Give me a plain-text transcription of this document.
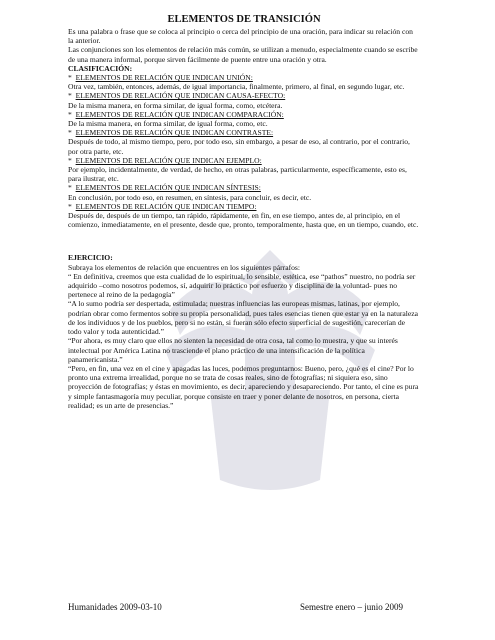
ELEMENTOS DE TRANSICIÓN

Es una palabra o frase que se coloca al principio o cerca del principio de una oración, para indicar su relación con la anterior.

Las conjunciones son los elementos de relación más común, se utilizan a menudo, especialmente cuando se escribe de una manera informal, porque sirven fácilmente de puente entre una oración y otra.

CLASIFICACIÓN:

* ELEMENTOS DE RELACIÓN QUE INDICAN UNIÓN:

Otra vez, también, entonces, además, de igual importancia, finalmente, primero, al final, en segundo lugar, etc.

* ELEMENTOS DE RELACIÓN QUE INDICAN CAUSA-EFECTO:

De la misma manera, en forma similar, de igual forma, como, etcétera.

* ELEMENTOS DE RELACIÓN QUE INDICAN COMPARACIÓN:

De la misma manera, en forma similar, de igual forma, como, etc.

* ELEMENTOS DE RELACIÓN QUE INDICAN CONTRASTE:

Después de todo, al mismo tiempo, pero, por todo eso, sin embargo, a pesar de eso, al contrario, por el contrario, por otra parte, etc.

* ELEMENTOS DE RELACIÓN QUE INDICAN EJEMPLO:

Por ejemplo, incidentalmente, de verdad, de hecho, en otras palabras, particularmente, específicamente, esto es, para ilustrar, etc.

* ELEMENTOS DE RELACIÓN QUE INDICAN SÍNTESIS:

En conclusión, por todo eso, en resumen, en síntesis, para concluir, es decir, etc.

* ELEMENTOS DE RELACIÓN QUE INDICAN TIEMPO:

Después de, después de un tiempo, tan rápido, rápidamente, en fin, en ese tiempo, antes de, al principio, en el comienzo, inmediatamente, en el presente, desde que, pronto, temporalmente, hasta que, en un tiempo, cuando, etc.

EJERCICIO:

Subraya los elementos de relación que encuentres en los siguientes párrafos:

“ En definitiva, creemos que esta cualidad de lo espiritual, lo sensible, estética, ese “pathos” nuestro, no podría ser adquirido –como nosotros podemos, sí, adquirir lo práctico por esfuerzo y disciplina de la voluntad- pues no pertenece al reino de la pedagogía”

“A lo sumo podría ser despertada, estimulada; nuestras influencias las europeas mismas, latinas, por ejemplo, podrían obrar como fermentos sobre su propia personalidad, pues tales esencias tienen que estar ya en la naturaleza de los individuos y de los pueblos, pero si no están, si fueran sólo efecto superficial de sugestión, carecerían de todo valor y toda autenticidad.”

“Por ahora, es muy claro que ellos no sienten la necesidad de otra cosa, tal como lo muestra, y que su interés intelectual por América Latina no trasciende el plano práctico de una intensificación de la política panamericanista.”

“Pero, en fin, una vez en el cine y apagadas las luces, podemos preguntarnos: Bueno, pero, ¿qué es el cine? Por lo pronto una extrema irrealidad, porque no se trata de cosas reales, sino de fotografías; ni siquiera eso, sino proyección de fotografías; y éstas en movimiento, es decir, apareciendo y desapareciendo. Por tanto, el cine es pura y simple fantasmagoría muy peculiar, porque consiste en traer y poner delante de nosotros, en persona, cierta realidad; es un arte de presencias.”

Humanidades 2009-03-10	Semestre enero – junio 2009
